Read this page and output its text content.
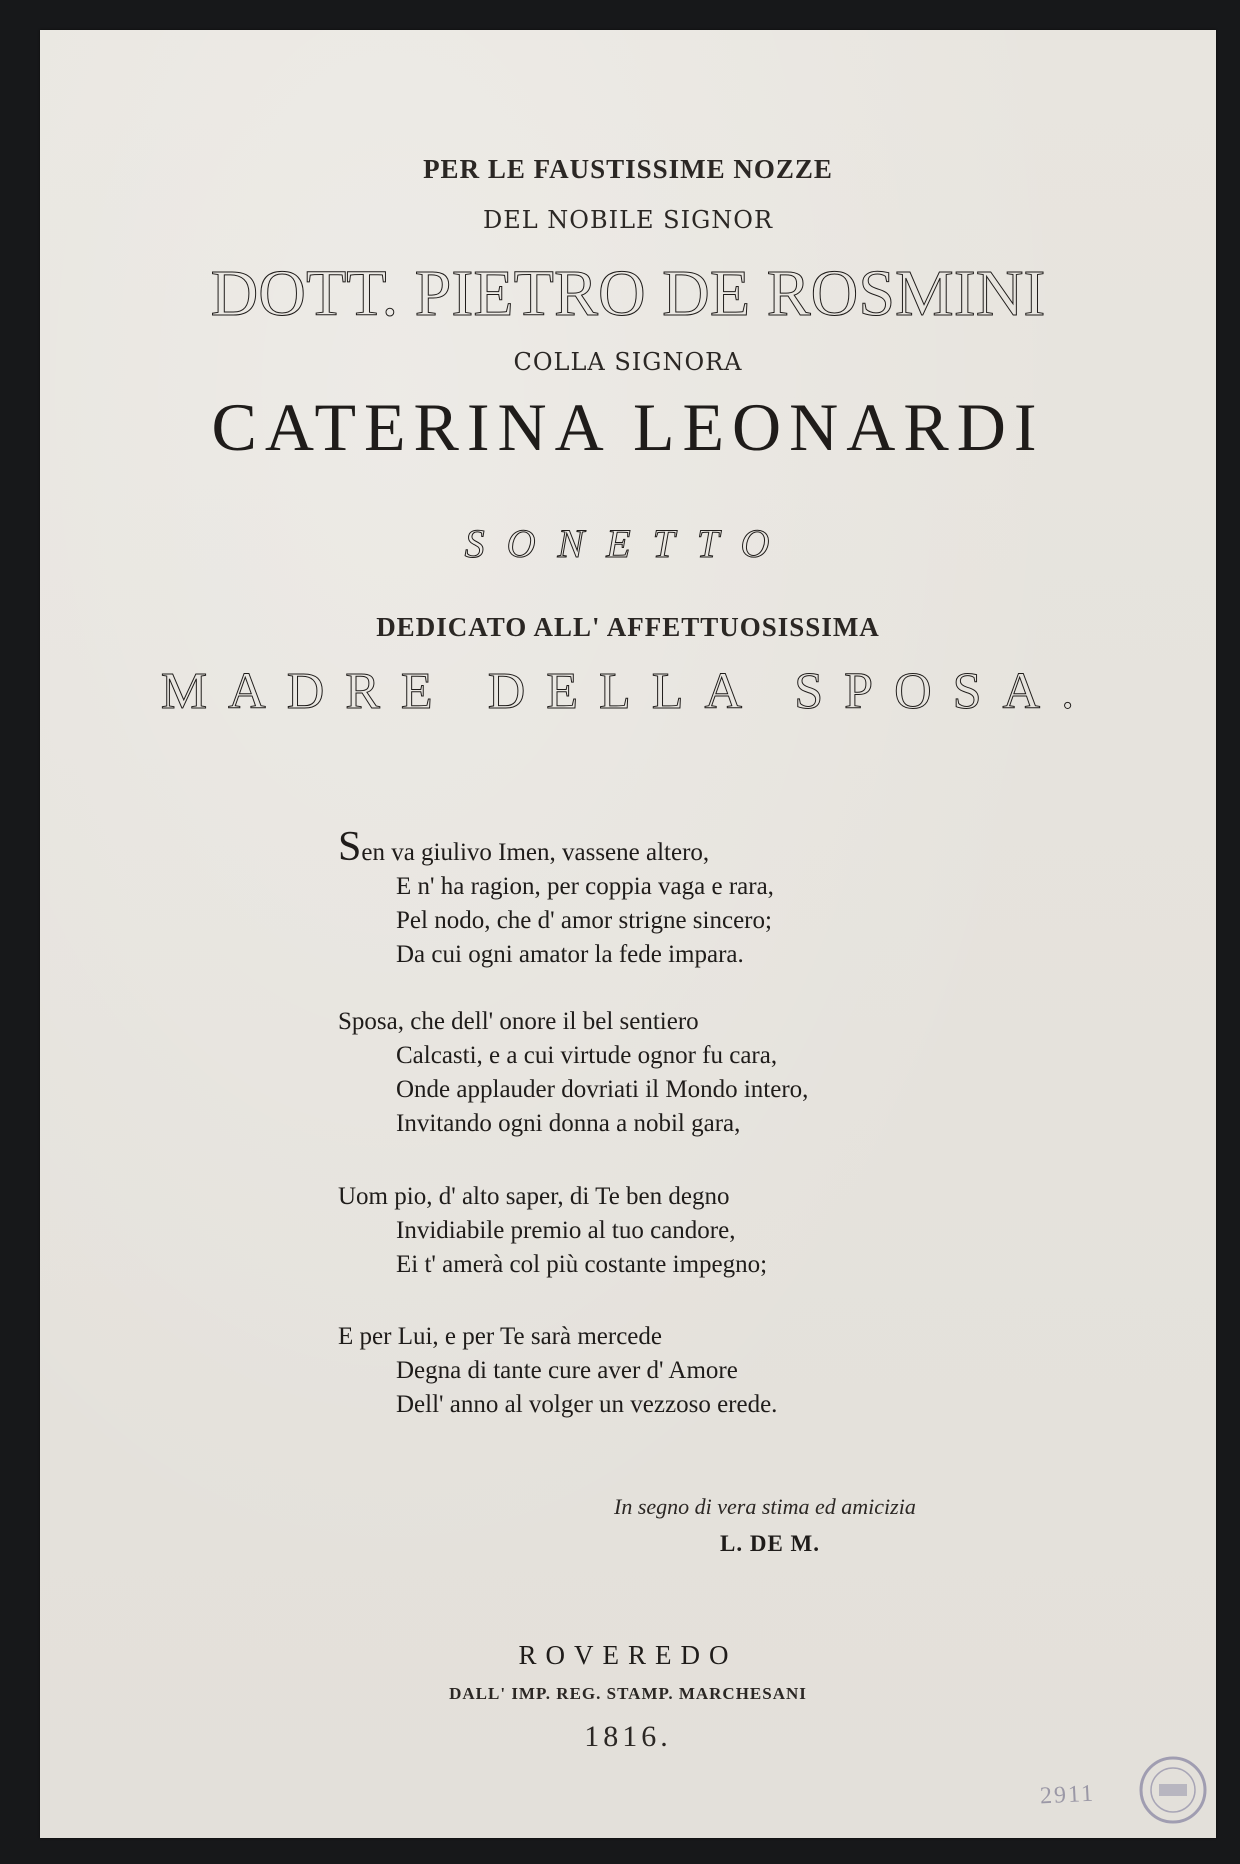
PER LE FAUSTISSIME NOZZE
DEL NOBILE SIGNOR
DOTT. PIETRO DE ROSMINI
COLLA SIGNORA
CATERINA LEONARDI
SONETTO
DEDICATO ALL' AFFETTUOSISSIMA
MADRE DELLA SPOSA.
Sen va giulivo Imen, vassene altero,
E n' ha ragion, per coppia vaga e rara,
Pel nodo, che d' amor strigne sincero;
Da cui ogni amator la fede impara.
Sposa, che dell' onore il bel sentiero
Calcasti, e a cui virtude ognor fu cara,
Onde applauder dovriati il Mondo intero,
Invitando ogni donna a nobil gara,
Uom pio, d' alto saper, di Te ben degno
Invidiabile premio al tuo candore,
Ei t' amerà col più costante impegno;
E per Lui, e per Te sarà mercede
Degna di tante cure aver d' Amore
Dell' anno al volger un vezzoso erede.
In segno di vera stima ed amicizia
L. DE M.
ROVEREDO
DALL' IMP. REG. STAMP. MARCHESANI
1816.
2911
